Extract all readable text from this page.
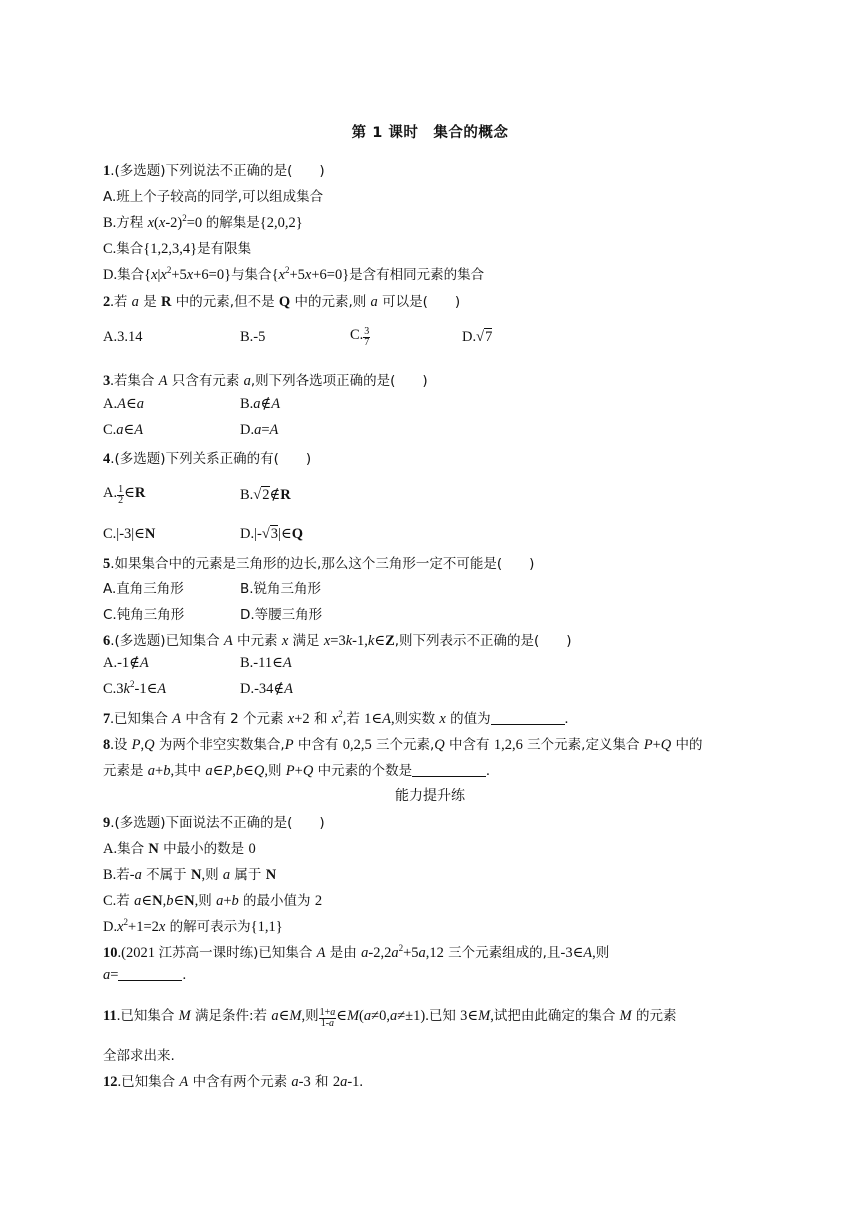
第 1 课时　集合的概念
1.(多选题)下列说法不正确的是(　　)
A.班上个子较高的同学,可以组成集合
B.方程 $x(x-2)^2=0$ 的解集是{2,0,2}
C.集合{1,2,3,4}是有限集
D.集合$\{x|x^2+5x+6=0\}$与集合$\{x^2+5x+6=0\}$是含有相同元素的集合
2.若 a 是 R 中的元素,但不是 Q 中的元素,则 a 可以是(　　)
A.3.14	B.-5	C. $\frac{3}{7}$	D.√7
3.若集合 A 只含有元素 a,则下列各选项正确的是(　　)
A.A∈a	B.a∉A
C.a∈A	D.a=A
4.(多选题)下列关系正确的有(　　)
A. $\frac{1}{2}$ ∈R	B.√2∉R
C.|-3|∈N	D.|-√3|∈Q
5.如果集合中的元素是三角形的边长,那么这个三角形一定不可能是(　　)
A.直角三角形	B.锐角三角形
C.钝角三角形	D.等腰三角形
6.(多选题)已知集合 A 中元素 x 满足 x=3k-1,k∈Z,则下列表示不正确的是(　　)
A.-1∉A	B.-11∈A
$C.3k^2-1\in A$	D.-34∉A
7.已知集合 A 中含有 2 个元素 x+2 和 $x^2$,若 1∈A,则实数 x 的值为	.
8.设 P,Q 为两个非空实数集合,P 中含有 0,2,5 三个元素,Q 中含有 1,2,6 三个元素,定义集合 P+Q 中的
元素是 a+b,其中 a∈P,b∈Q,则 P+Q 中元素的个数是	.
能力提升练
9.(多选题)下面说法不正确的是(　　)
A.集合 N 中最小的数是 0
B.若-a 不属于 N,则 a 属于 N
C.若 a∈N,b∈N,则 a+b 的最小值为 2
$D.x^2+1=2x$ 的解可表示为{1,1}
10.(2021 江苏高一课时练)已知集合 A 是由 $a-2,2a^2+5a,12$ 三个元素组成的,且-3∈A,则
a=	.
11.已知集合 M 满足条件:若 a∈M,则 $\frac{1+a}{1-a}$ ∈M(a≠0,a≠±1).已知 3∈M,试把由此确定的集合 M 的元素
全部求出来.
12.已知集合 A 中含有两个元素 a-3 和 2a-1.
